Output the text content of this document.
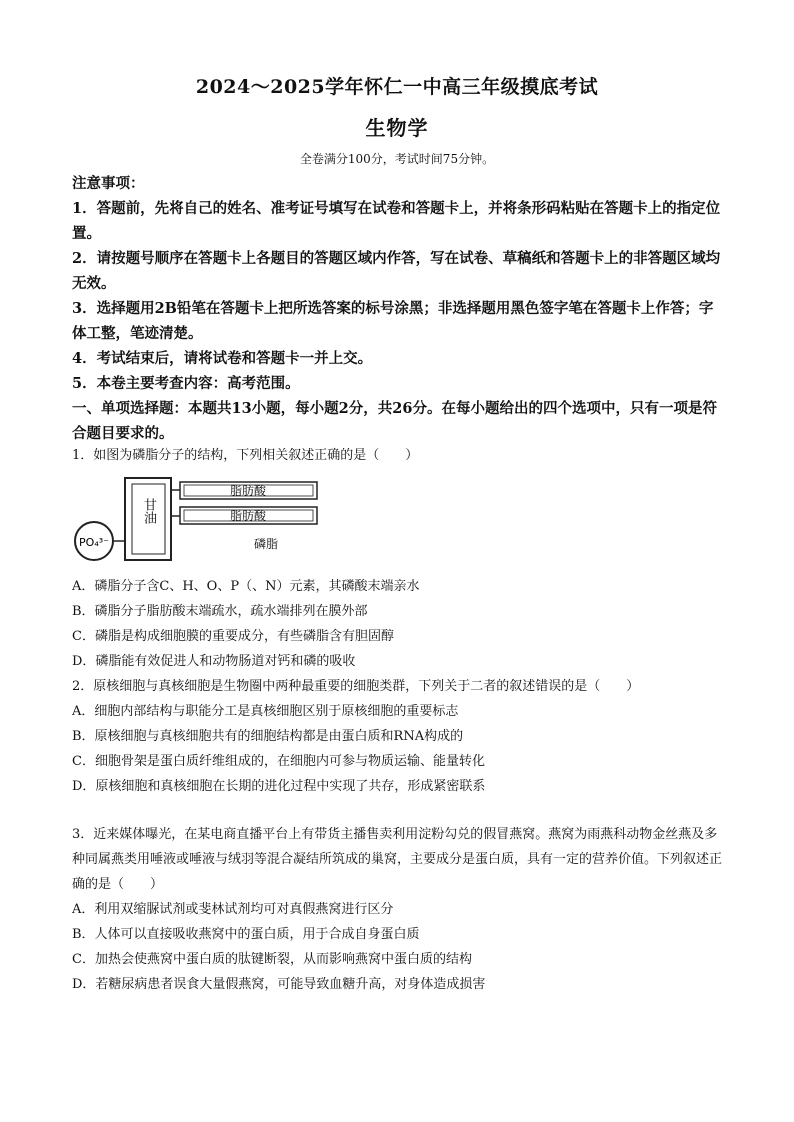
2024～2025学年怀仁一中高三年级摸底考试
生物学
全卷满分100分，考试时间75分钟。

注意事项：

1．答题前，先将自己的姓名、准考证号填写在试卷和答题卡上，并将条形码粘贴在答题卡上的指定位置。

2．请按题号顺序在答题卡上各题目的答题区域内作答，写在试卷、草稿纸和答题卡上的非答题区域均无效。

3．选择题用2B铅笔在答题卡上把所选答案的标号涂黑；非选择题用黑色签字笔在答题卡上作答；字体工整，笔迹清楚。

4．考试结束后，请将试卷和答题卡一并上交。

5．本卷主要考查内容：高考范围。

一、单项选择题：本题共13小题，每小题2分，共26分。在每小题给出的四个选项中，只有一项是符合题目要求的。

1．如图为磷脂分子的结构，下列相关叙述正确的是（　　）

甘油
脂肪酸
脂肪酸
PO₄³⁻	磷脂

A．磷脂分子含C、H、O、P（、N）元素，其磷酸末端亲水

B．磷脂分子脂肪酸末端疏水，疏水端排列在膜外部

C．磷脂是构成细胞膜的重要成分，有些磷脂含有胆固醇

D．磷脂能有效促进人和动物肠道对钙和磷的吸收

2．原核细胞与真核细胞是生物圈中两种最重要的细胞类群，下列关于二者的叙述错误的是（　　）

A．细胞内部结构与职能分工是真核细胞区别于原核细胞的重要标志

B．原核细胞与真核细胞共有的细胞结构都是由蛋白质和RNA构成的

C．细胞骨架是蛋白质纤维组成的，在细胞内可参与物质运输、能量转化

D．原核细胞和真核细胞在长期的进化过程中实现了共存，形成紧密联系

3．近来媒体曝光，在某电商直播平台上有带货主播售卖利用淀粉勾兑的假冒燕窝。燕窝为雨燕科动物金丝燕及多种同属燕类用唾液或唾液与绒羽等混合凝结所筑成的巢窝，主要成分是蛋白质，具有一定的营养价值。下列叙述正确的是（　　）

A．利用双缩脲试剂或斐林试剂均可对真假燕窝进行区分

B．人体可以直接吸收燕窝中的蛋白质，用于合成自身蛋白质

C．加热会使燕窝中蛋白质的肽键断裂，从而影响燕窝中蛋白质的结构

D．若糖尿病患者误食大量假燕窝，可能导致血糖升高，对身体造成损害
